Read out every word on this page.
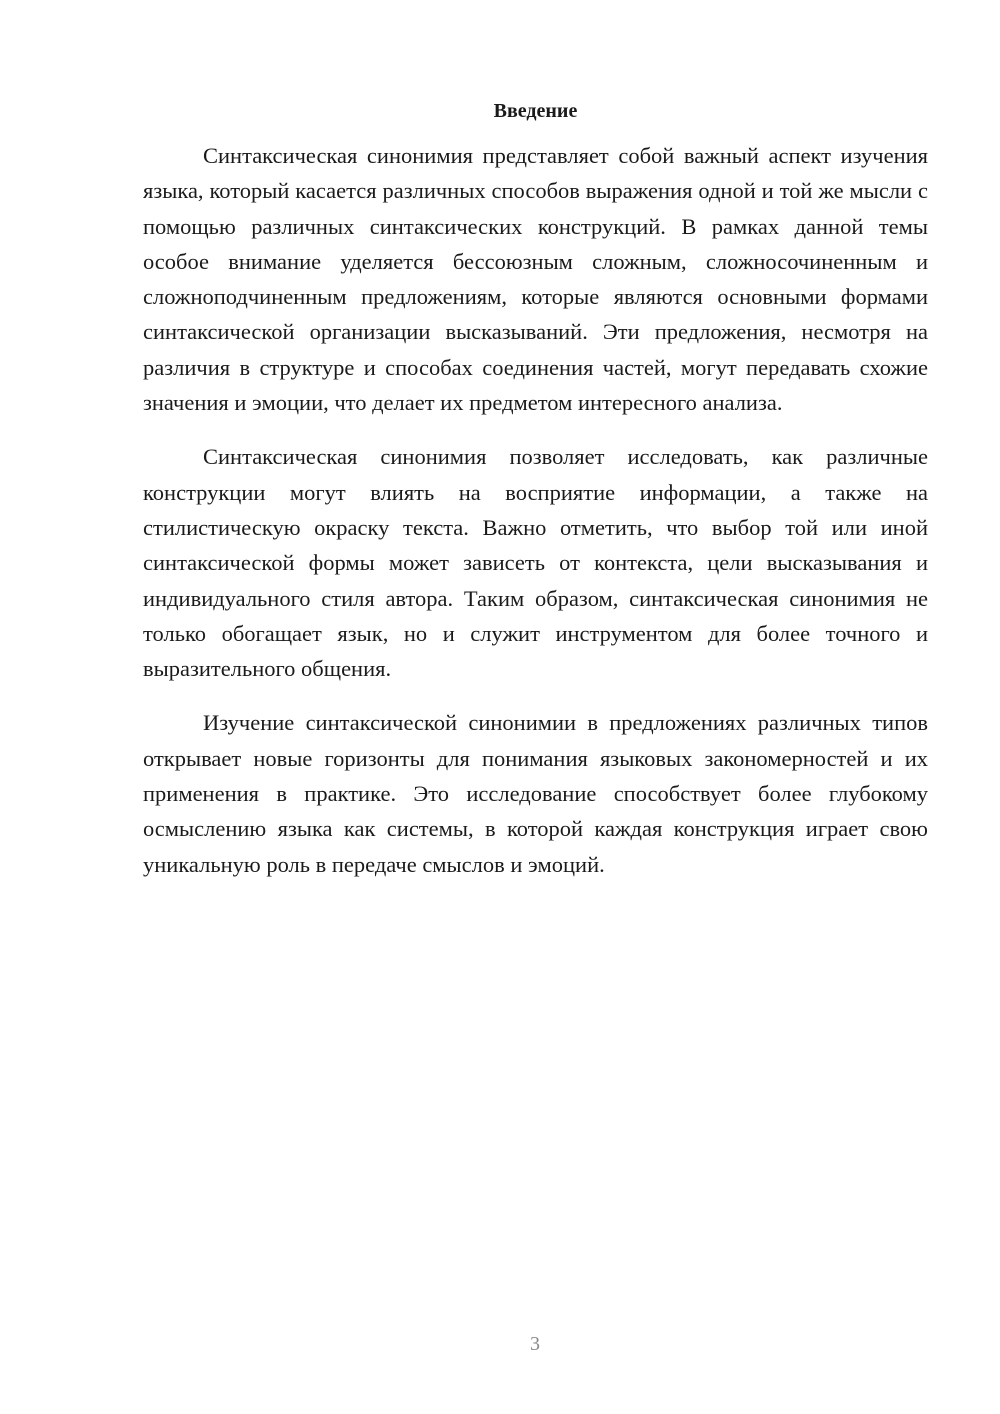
Введение

Синтаксическая синонимия представляет собой важный аспект изучения языка, который касается различных способов выражения одной и той же мысли с помощью различных синтаксических конструкций. В рамках данной темы особое внимание уделяется бессоюзным сложным, сложносочиненным и сложноподчиненным предложениям, которые являются основными формами синтаксической организации высказываний. Эти предложения, несмотря на различия в структуре и способах соединения частей, могут передавать схожие значения и эмоции, что делает их предметом интересного анализа.

Синтаксическая синонимия позволяет исследовать, как различные конструкции могут влиять на восприятие информации, а также на стилистическую окраску текста. Важно отметить, что выбор той или иной синтаксической формы может зависеть от контекста, цели высказывания и индивидуального стиля автора. Таким образом, синтаксическая синонимия не только обогащает язык, но и служит инструментом для более точного и выразительного общения.

Изучение синтаксической синонимии в предложениях различных типов открывает новые горизонты для понимания языковых закономерностей и их применения в практике. Это исследование способствует более глубокому осмыслению языка как системы, в которой каждая конструкция играет свою уникальную роль в передаче смыслов и эмоций.

3
